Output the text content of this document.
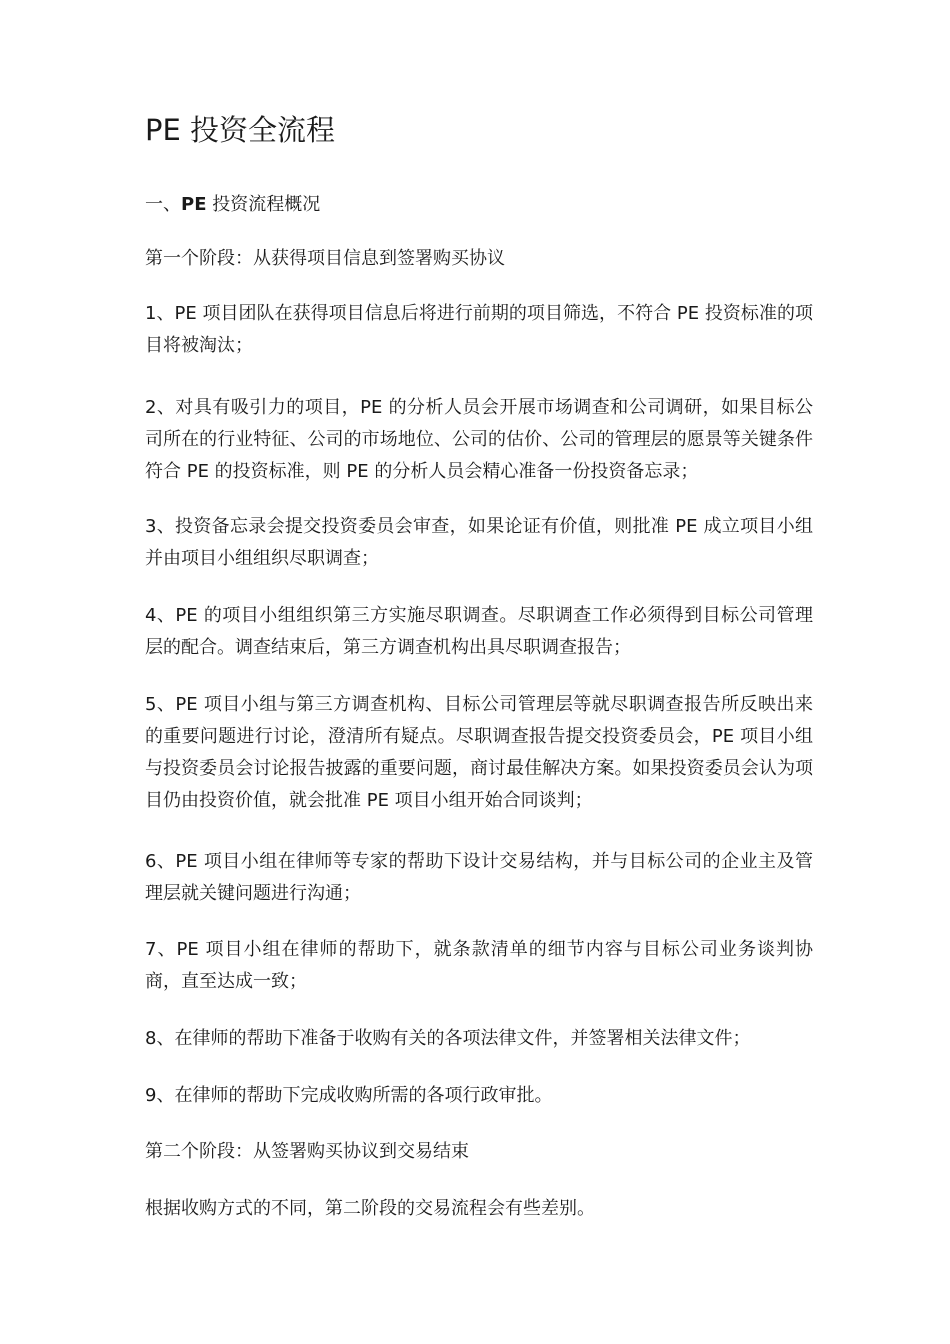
PE 投资全流程

一、PE 投资流程概况

第一个阶段：从获得项目信息到签署购买协议

1、PE 项目团队在获得项目信息后将进行前期的项目筛选，不符合 PE 投资标准的项目将被淘汰；

2、对具有吸引力的项目，PE 的分析人员会开展市场调查和公司调研，如果目标公司所在的行业特征、公司的市场地位、公司的估价、公司的管理层的愿景等关键条件符合 PE 的投资标准，则 PE 的分析人员会精心准备一份投资备忘录；

3、投资备忘录会提交投资委员会审查，如果论证有价值，则批准 PE 成立项目小组并由项目小组组织尽职调查；

4、PE 的项目小组组织第三方实施尽职调查。尽职调查工作必须得到目标公司管理层的配合。调查结束后，第三方调查机构出具尽职调查报告；

5、PE 项目小组与第三方调查机构、目标公司管理层等就尽职调查报告所反映出来的重要问题进行讨论，澄清所有疑点。尽职调查报告提交投资委员会，PE 项目小组与投资委员会讨论报告披露的重要问题，商讨最佳解决方案。如果投资委员会认为项目仍由投资价值，就会批准 PE 项目小组开始合同谈判；

6、PE 项目小组在律师等专家的帮助下设计交易结构，并与目标公司的企业主及管理层就关键问题进行沟通；

7、PE 项目小组在律师的帮助下，就条款清单的细节内容与目标公司业务谈判协商，直至达成一致；

8、在律师的帮助下准备于收购有关的各项法律文件，并签署相关法律文件；

9、在律师的帮助下完成收购所需的各项行政审批。

第二个阶段：从签署购买协议到交易结束

根据收购方式的不同，第二阶段的交易流程会有些差别。
